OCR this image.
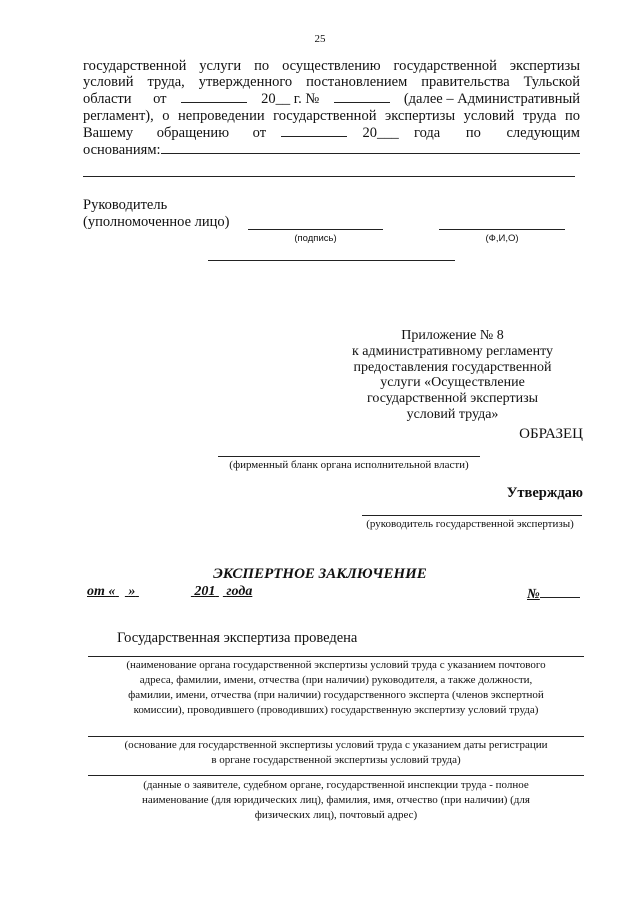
25
государственной услуги по осуществлению государственной экспертизы
условий труда, утвержденного постановлением правительства Тульской
области от	20__ г. №	(далее – Административный
регламент), о непроведении государственной экспертизы условий труда по
Вашему обращению от	20___ года по следующим
основаниям:
Руководитель
(уполномоченное лицо)
(подпись)	(Ф,И,О)
Приложение № 8
к административному регламенту
предоставления государственной
услуги «Осуществление
государственной экспертизы
условий труда»
ОБРАЗЕЦ
(фирменный бланк органа исполнительной власти)
Утверждаю
(руководитель государственной экспертизы)
ЭКСПЕРТНОЕ ЗАКЛЮЧЕНИЕ
от « »	201 года	№
Государственная экспертиза проведена
(наименование органа государственной экспертизы условий труда с указанием почтового
адреса, фамилии, имени, отчества (при наличии) руководителя, а также должности,
фамилии, имени, отчества (при наличии) государственного эксперта (членов экспертной
комиссии), проводившего (проводивших) государственную экспертизу условий труда)
(основание для государственной экспертизы условий труда с указанием даты регистрации
в органе государственной экспертизы условий труда)
(данные о заявителе, судебном органе, государственной инспекции труда - полное
наименование (для юридических лиц), фамилия, имя, отчество (при наличии) (для
физических лиц), почтовый адрес)
